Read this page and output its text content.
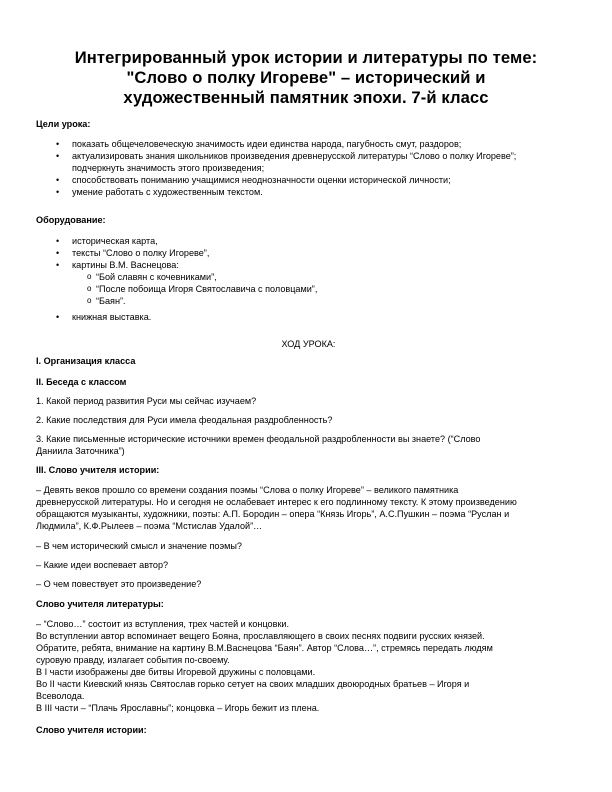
Интегрированный урок истории и литературы по теме:
"Слово о полку Игореве" – исторический и
художественный памятник эпохи. 7-й класс
Цели урока:
• показать общечеловеческую значимость идеи единства народа, пагубность смут, раздоров;
• актуализировать знания школьников произведения древнерусской литературы “Слово о полку Игореве”;
подчеркнуть значимость этого произведения;
• способствовать пониманию учащимися неоднозначности оценки исторической личности;
• умение работать с художественным текстом.
Оборудование:
• историческая карта,
• тексты “Слово о полку Игореве”,
• картины В.М. Васнецова:
o “Бой славян с кочевниками”,
o “После побоища Игоря Святославича с половцами”,
o “Баян”.
• книжная выставка.
ХОД УРОКА:
I. Организация класса
II. Беседа с классом
1. Какой период развития Руси мы сейчас изучаем?
2. Какие последствия для Руси имела феодальная раздробленность?
3. Какие письменные исторические источники времен феодальной раздробленности вы знаете? (“Слово
Даниила Заточника”)
III. Слово учителя истории:
– Девять веков прошло со времени создания поэмы “Слова о полку Игореве” – великого памятника
древнерусской литературы. Но и сегодня не ослабевает интерес к его подлинному тексту. К этому произведению
обращаются музыканты, художники, поэты: А.П. Бородин – опера “Князь Игорь”, А.С.Пушкин – поэма “Руслан и
Людмила”, К.Ф.Рылеев – поэма “Мстислав Удалой”…
– В чем исторический смысл и значение поэмы?
– Какие идеи воспевает автор?
– О чем повествует это произведение?
Слово учителя литературы:
– “Слово…” состоит из вступления, трех частей и концовки.
Во вступлении автор вспоминает вещего Бояна, прославляющего в своих песнях подвиги русских князей.
Обратите, ребята, внимание на картину В.М.Васнецова “Баян”. Автор “Слова…”, стремясь передать людям
суровую правду, излагает события по-своему.
В I части изображены две битвы Игоревой дружины с половцами.
Во II части Киевский князь Святослав горько сетует на своих младших двоюродных братьев – Игоря и
Всеволода.
В III части – “Плачь Ярославны”; концовка – Игорь бежит из плена.
Слово учителя истории:
